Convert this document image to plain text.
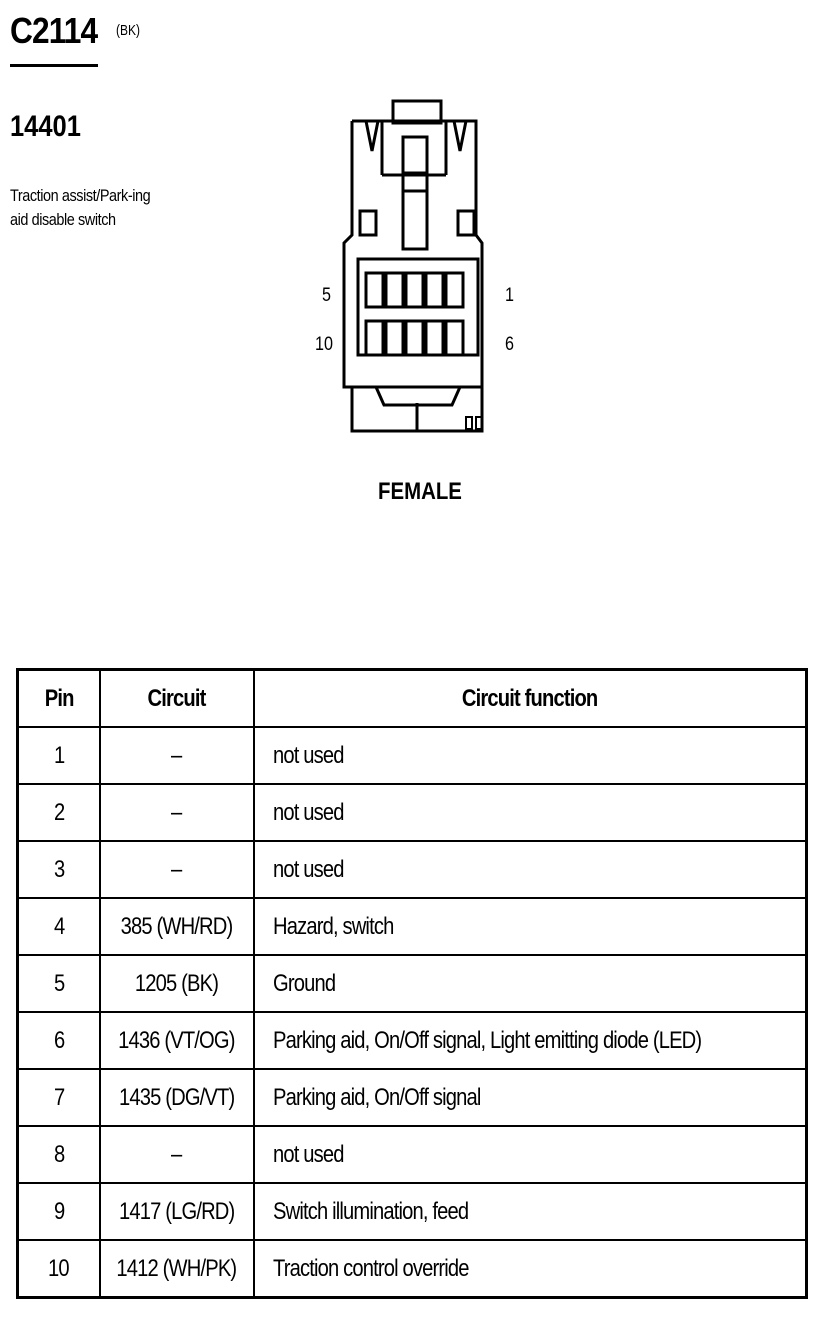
C2114 (BK)
14401
Traction assist/Park-ing aid disable switch
5	1
10	6
FEMALE
Pin	Circuit	Circuit function
1	–	not used
2	–	not used
3	–	not used
4	385 (WH/RD)	Hazard, switch
5	1205 (BK)	Ground
6	1436 (VT/OG)	Parking aid, On/Off signal, Light emitting diode (LED)
7	1435 (DG/VT)	Parking aid, On/Off signal
8	–	not used
9	1417 (LG/RD)	Switch illumination, feed
10	1412 (WH/PK)	Traction control override
